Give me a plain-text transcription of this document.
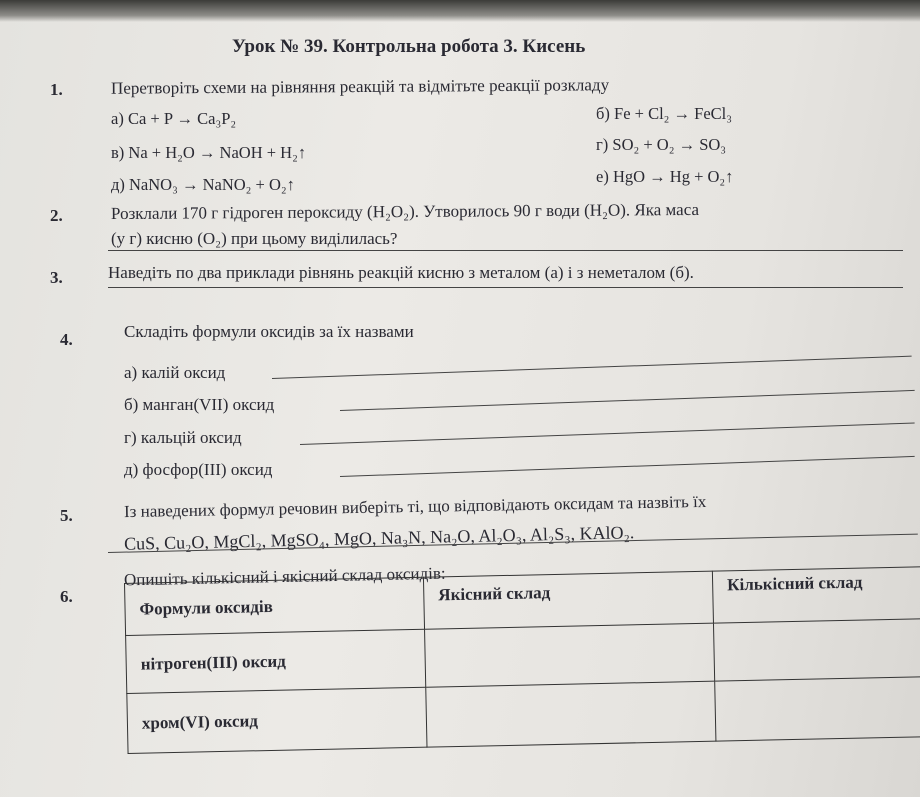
Урок № 39. Контрольна робота 3. Кисень
1.	Перетворіть схеми на рівняння реакцій та відмітьте реакції розкладу
а) Ca + P → Ca₃P₂	б) Fe + Cl₂ → FeCl₃
в) Na + H₂O → NaOH + H₂↑	г) SO₂ + O₂ → SO₃
д) NaNO₃ → NaNO₂ + O₂↑	е) HgO → Hg + O₂↑
2.	Розклали 170 г гідроген пероксиду (H₂O₂). Утворилось 90 г води (H₂O). Яка маса
(у г) кисню (O₂) при цьому виділилась?
3.	Наведіть по два приклади рівнянь реакцій кисню з металом (а) і з неметалом (б).
4.	Складіть формули оксидів за їх назвами
а) калій оксид
б) манган(VII) оксид
г) кальцій оксид
д) фосфор(III) оксид
5.	Із наведених формул речовин виберіть ті, що відповідають оксидам та назвіть їх
CuS, Cu₂O, MgCl₂, MgSO₄, MgO, Na₃N, Na₂O, Al₂O₃, Al₂S₃, KAlO₂.
6.
Опишіть кількісний і якісний склад оксидів:
Формули оксидів	Якісний склад	Кількісний склад
нітроген(III) оксид		
хром(VI) оксид		
